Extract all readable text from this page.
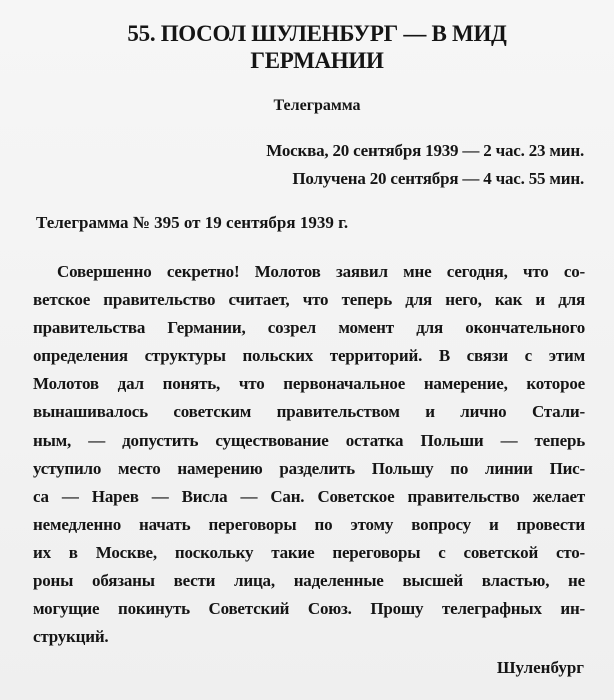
55. ПОСОЛ ШУЛЕНБУРГ — В МИД
ГЕРМАНИИ
Телеграмма
Москва, 20 сентября 1939 — 2 час. 23 мин.
Получена 20 сентября — 4 час. 55 мин.
Телеграмма № 395 от 19 сентября 1939 г.
Совершенно секретно! Молотов заявил мне сегодня, что со-
ветское правительство считает, что теперь для него, как и для
правительства Германии, созрел момент для окончательного
определения структуры польских территорий. В связи с этим
Молотов дал понять, что первоначальное намерение, которое
вынашивалось советским правительством и лично Стали-
ным, — допустить существование остатка Польши — теперь
уступило место намерению разделить Польшу по линии Пис-
са — Нарев — Висла — Сан. Советское правительство желает
немедленно начать переговоры по этому вопросу и провести
их в Москве, поскольку такие переговоры с советской сто-
роны обязаны вести лица, наделенные высшей властью, не
могущие покинуть Советский Союз. Прошу телеграфных ин-
струкций.
Шуленбург
